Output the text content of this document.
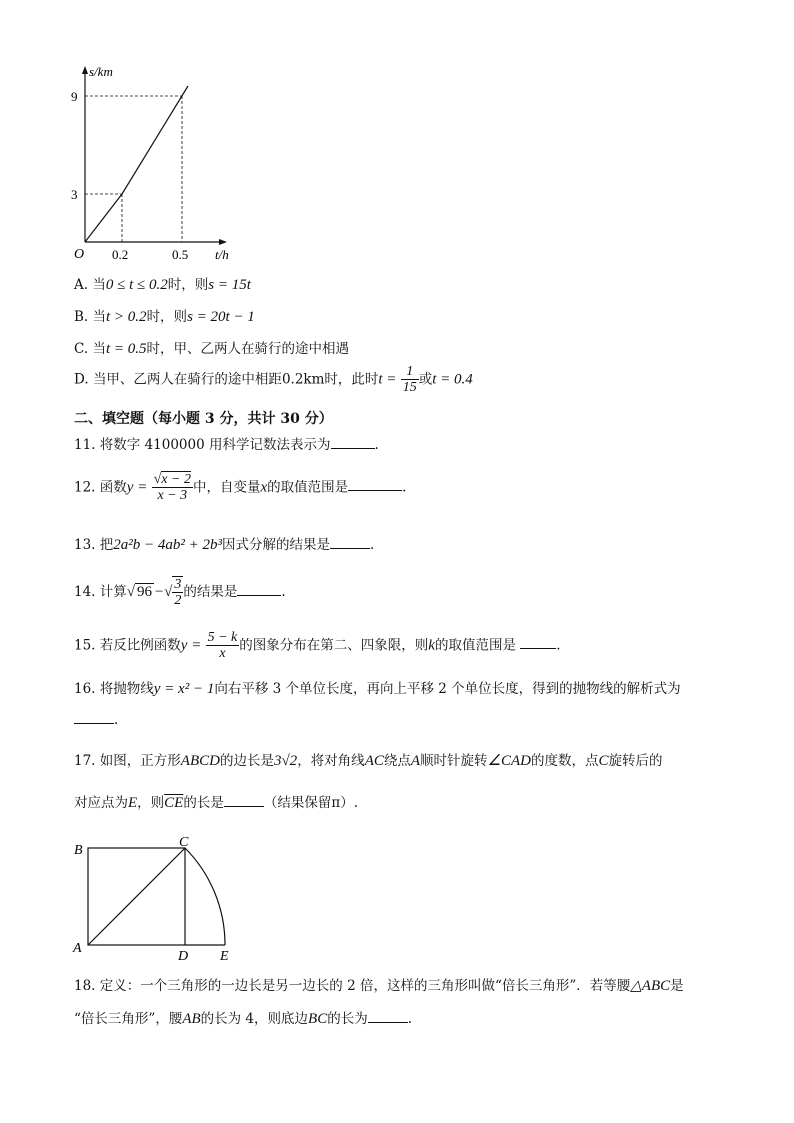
s/km
t/h
O
9
3
0.2	0.5
A. 当0 ≤ t ≤ 0.2时，则s = 15t
B. 当t > 0.2时，则s = 20t − 1
C. 当t = 0.5时，甲、乙两人在骑行的途中相遇
D. 当甲、乙两人在骑行的途中相距0.2km时，此时$t = \frac{1}{15}$ 或t = 0.4
二、填空题（每小题 3 分，共计 30 分）
11. 将数字 4100000 用科学记数法表示为	.
12. 函数$y = \frac{√x - 2}{x - 3}$ 中，自变量x的取值范围是	.
13. 把2a²b − 4ab² + 2b³因式分解的结果是	.
14. 计算√ 96 −√ $\frac{3}{2}$ 的结果是	.
15. 若反比例函数$y = \frac{5 - k}{x}$ 的图象分布在第二、四象限，则k的取值范围是	.
16. 将抛物线y = x² − 1向右平移 3 个单位长度，再向上平移 2 个单位长度，得到的抛物线的解析式为
.
17. 如图，正方形ABCD的边长是3√2，将对角线AC绕点A顺时针旋转∠CAD的度数，点C旋转后的
对应点为E，则$\overline{CE}$的长是	（结果保留π）.
B
C
A
D E
18. 定义：一个三角形的一边长是另一边长的 2 倍，这样的三角形叫做“倍长三角形”．若等腰△ABC是
“倍长三角形”，腰AB的长为 4，则底边BC的长为	.
